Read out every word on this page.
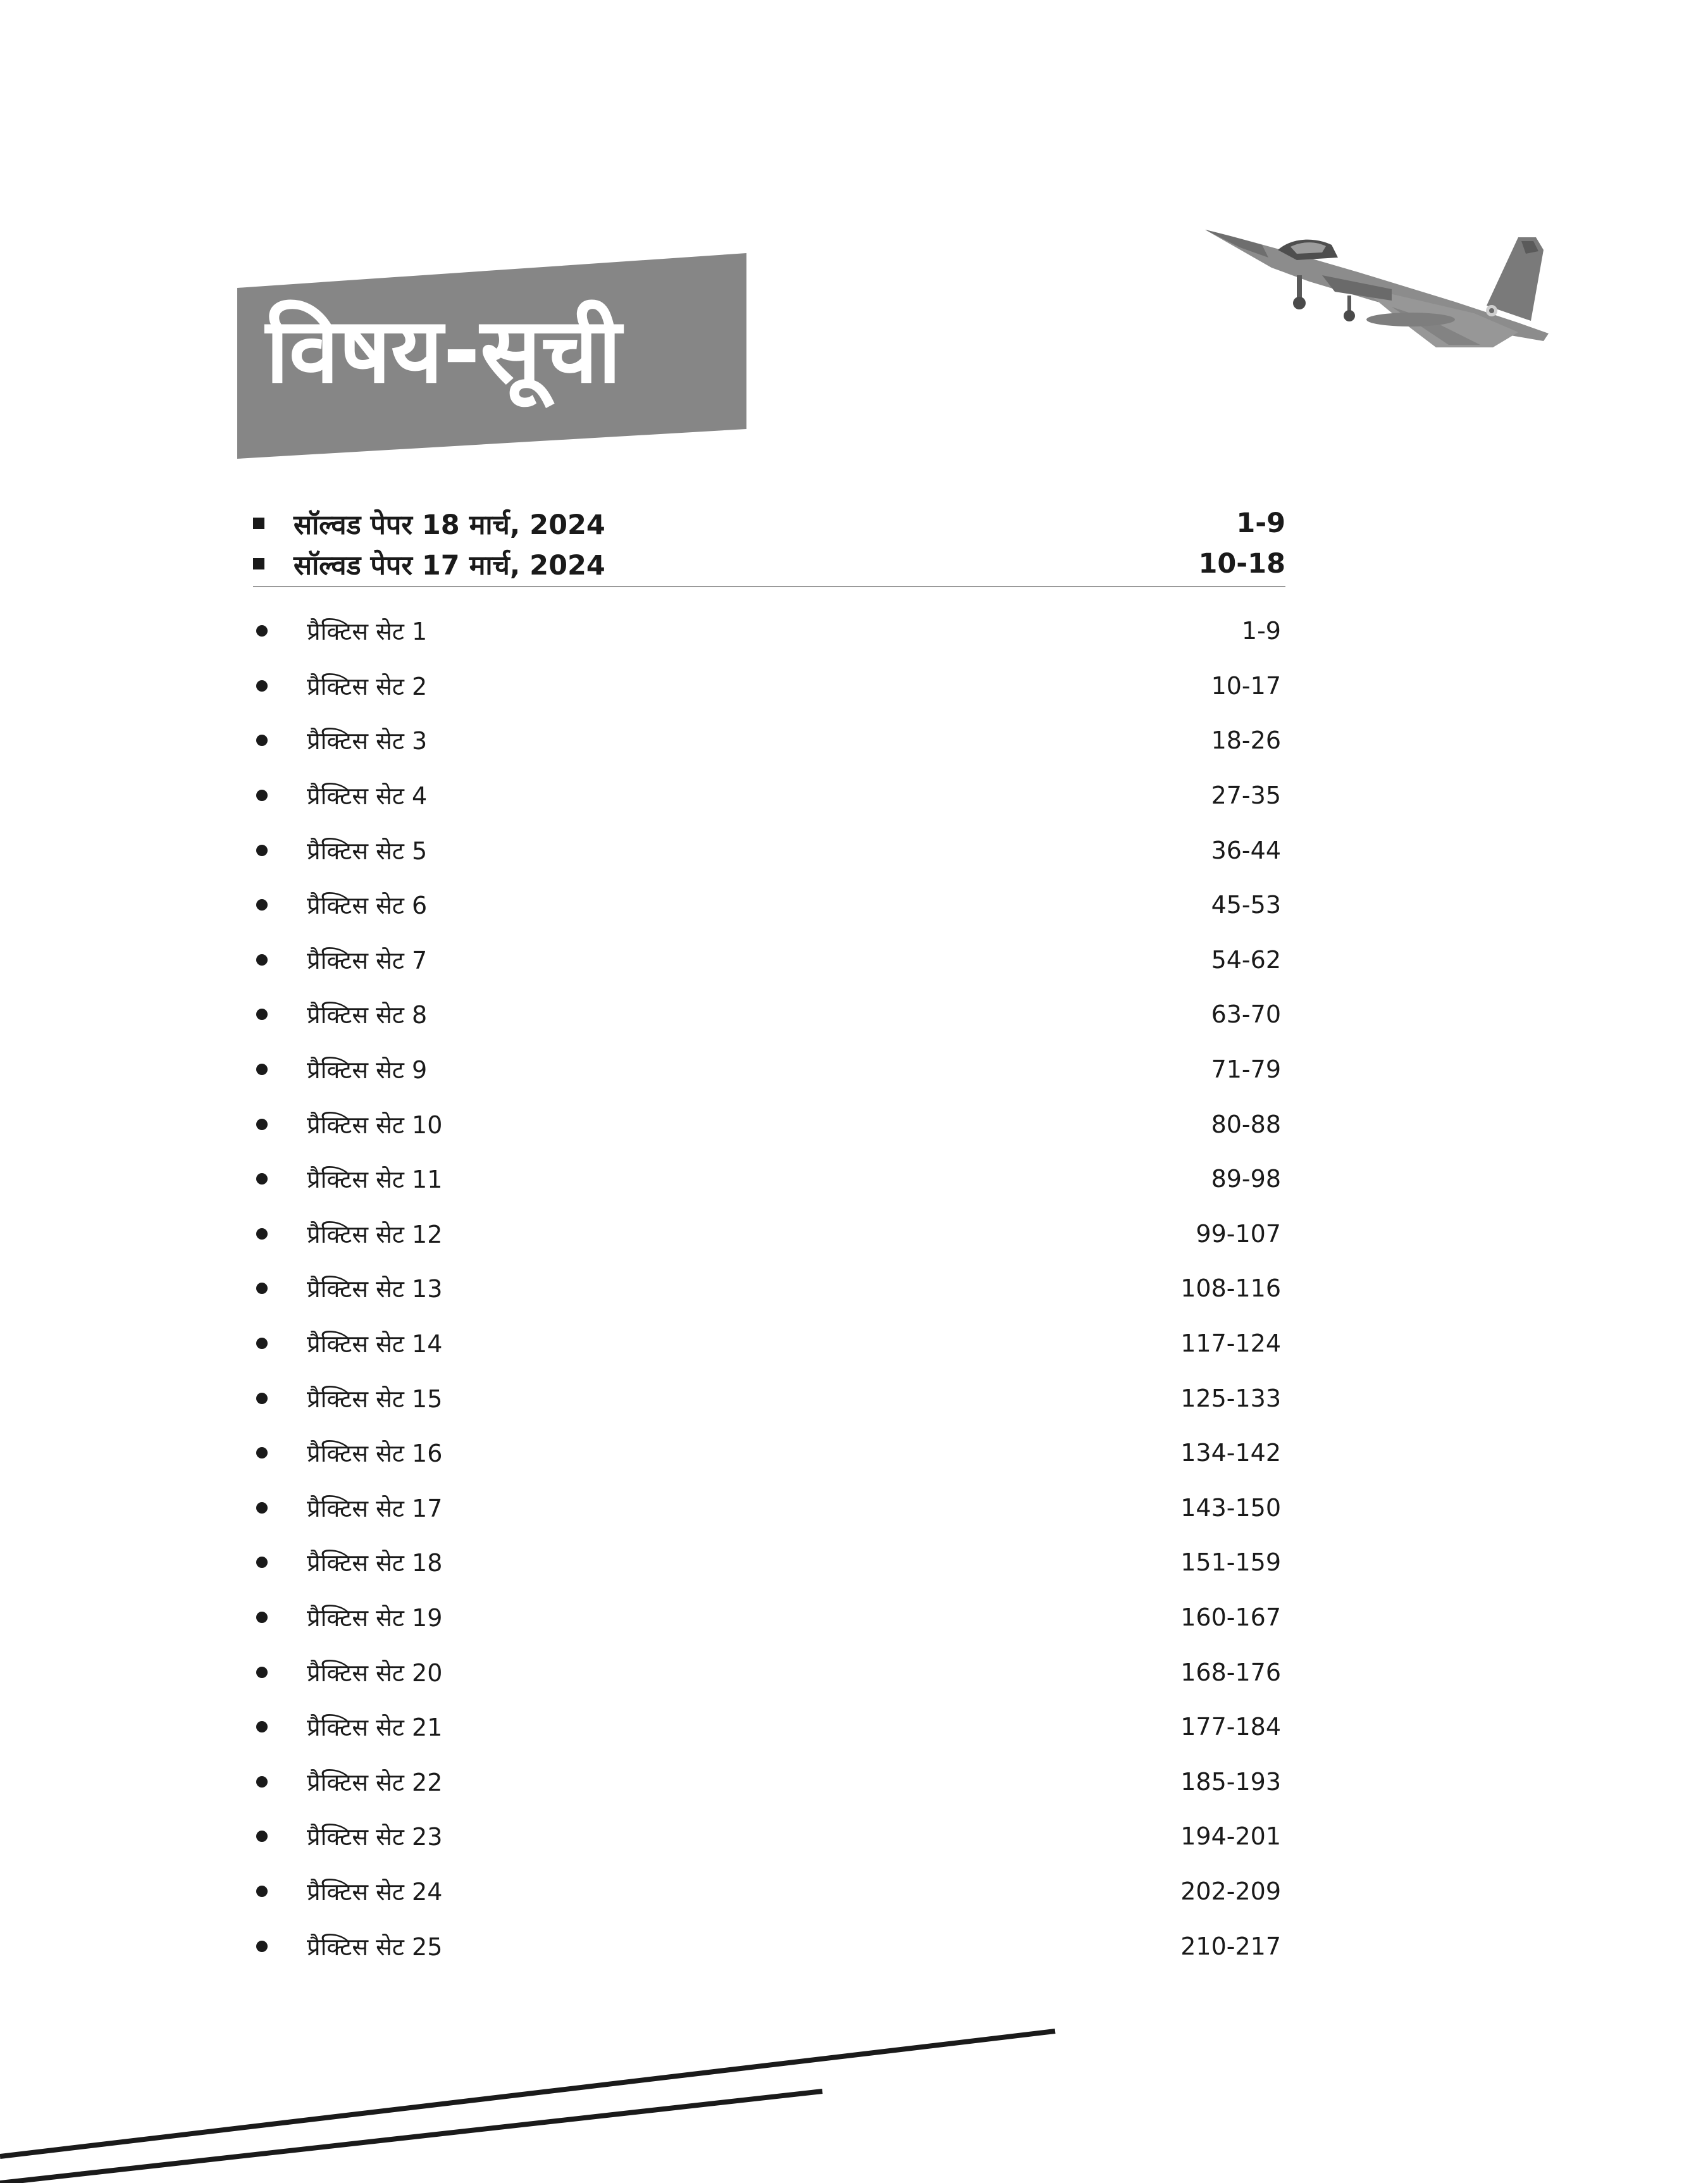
विषय-सूची
सॉल्वड पेपर 18 मार्च, 2024	1-9
सॉल्वड पेपर 17 मार्च, 2024	10-18
प्रैक्टिस सेट 1	1-9
प्रैक्टिस सेट 2	10-17
प्रैक्टिस सेट 3	18-26
प्रैक्टिस सेट 4	27-35
प्रैक्टिस सेट 5	36-44
प्रैक्टिस सेट 6	45-53
प्रैक्टिस सेट 7	54-62
प्रैक्टिस सेट 8	63-70
प्रैक्टिस सेट 9	71-79
प्रैक्टिस सेट 10	80-88
प्रैक्टिस सेट 11	89-98
प्रैक्टिस सेट 12	99-107
प्रैक्टिस सेट 13	108-116
प्रैक्टिस सेट 14	117-124
प्रैक्टिस सेट 15	125-133
प्रैक्टिस सेट 16	134-142
प्रैक्टिस सेट 17	143-150
प्रैक्टिस सेट 18	151-159
प्रैक्टिस सेट 19	160-167
प्रैक्टिस सेट 20	168-176
प्रैक्टिस सेट 21	177-184
प्रैक्टिस सेट 22	185-193
प्रैक्टिस सेट 23	194-201
प्रैक्टिस सेट 24	202-209
प्रैक्टिस सेट 25	210-217
